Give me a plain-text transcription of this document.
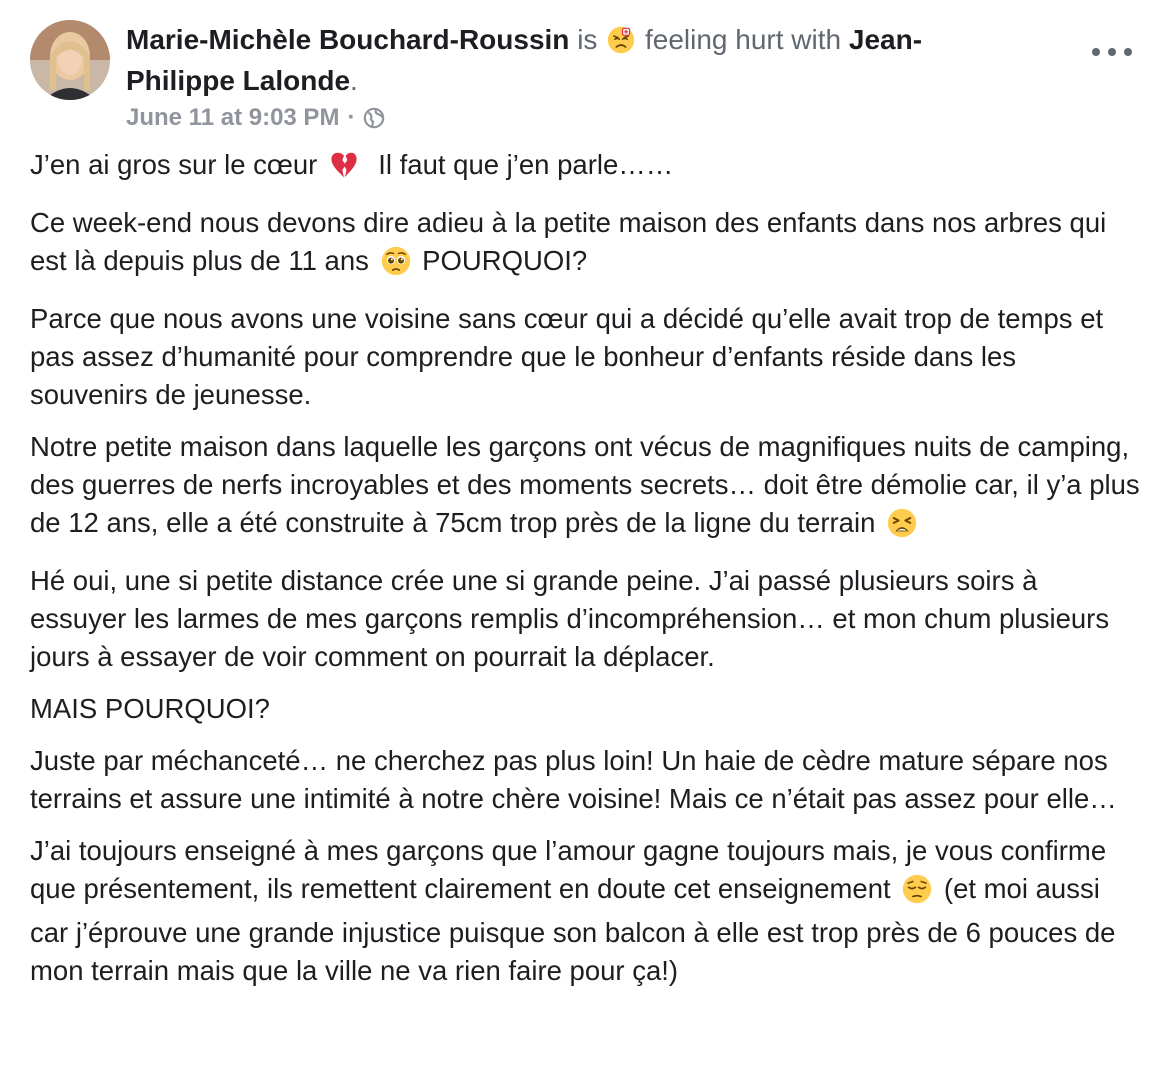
Marie-Michèle Bouchard-Roussin is feeling hurt with Jean-Philippe Lalonde.
June 11 at 9:03 PM ·

J’en ai gros sur le cœur Il faut que j’en parle……

Ce week-end nous devons dire adieu à la petite maison des enfants dans nos arbres qui est là depuis plus de 11 ans POURQUOI?

Parce que nous avons une voisine sans cœur qui a décidé qu’elle avait trop de temps et pas assez d’humanité pour comprendre que le bonheur d’enfants réside dans les souvenirs de jeunesse.

Notre petite maison dans laquelle les garçons ont vécus de magnifiques nuits de camping, des guerres de nerfs incroyables et des moments secrets… doit être démolie car, il y’a plus de 12 ans, elle a été construite à 75cm trop près de la ligne du terrain

Hé oui, une si petite distance crée une si grande peine. J’ai passé plusieurs soirs à essuyer les larmes de mes garçons remplis d’incompréhension… et mon chum plusieurs jours à essayer de voir comment on pourrait la déplacer.

MAIS POURQUOI?

Juste par méchanceté… ne cherchez pas plus loin! Un haie de cèdre mature sépare nos terrains et assure une intimité à notre chère voisine! Mais ce n’était pas assez pour elle…

J’ai toujours enseigné à mes garçons que l’amour gagne toujours mais, je vous confirme que présentement, ils remettent clairement en doute cet enseignement (et moi aussi car j’éprouve une grande injustice puisque son balcon à elle est trop près de 6 pouces de mon terrain mais que la ville ne va rien faire pour ça!)
